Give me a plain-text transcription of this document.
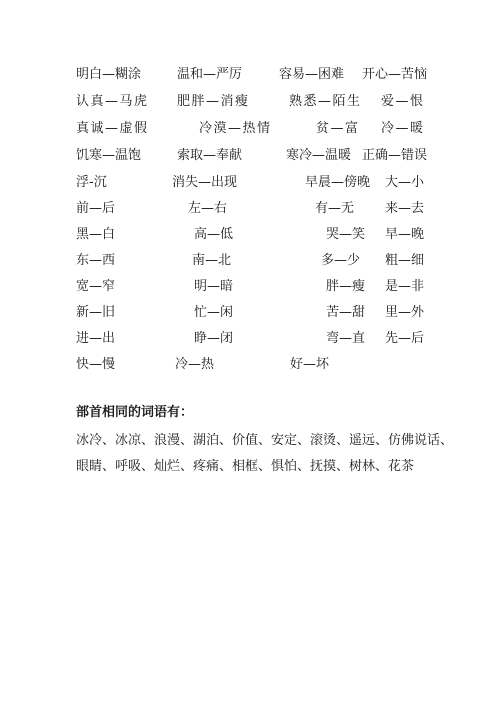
明白—糊涂	温和—严厉	容易—困难 开心—苦恼
认真—马虎 肥胖—消瘦	熟悉—陌生 爱—恨
真诚—虚假	冷漠—热情	贫—富 冷—暖
饥寒—温饱	索取—奉献	寒冷—温暖 正确—错误
浮-沉	消失—出现	早晨—傍晚 大—小
前—后	左—右	有—无 来—去
黑—白	高—低	哭—笑 早—晚
东—西	南—北	多—少 粗—细
宽—窄	明—暗	胖—瘦 是—非
新—旧	忙—闲	苦—甜 里—外
进—出	睁—闭	弯—直 先—后
快—慢	冷—热	好—坏
部首相同的词语有：
冰冷、冰凉、浪漫、湖泊、价值、安定、滚烫、遥远、仿佛说话、
眼睛、呼吸、灿烂、疼痛、相框、惧怕、抚摸、树林、花茶
